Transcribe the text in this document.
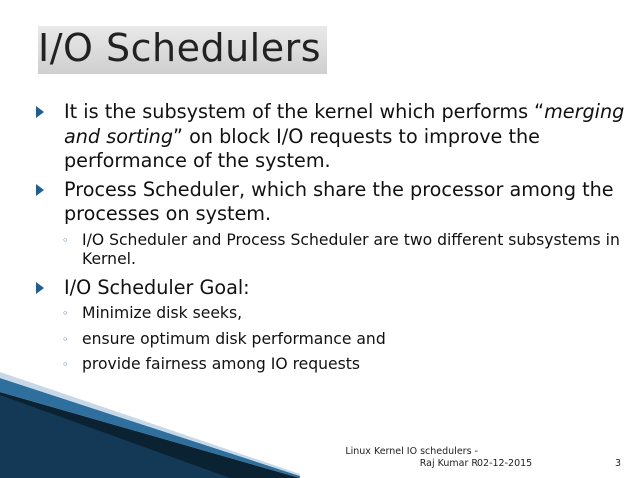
I/O Schedulers
It is the subsystem of the kernel which performs “merging and sorting” on block I/O requests to improve the performance of the system.
Process Scheduler, which share the processor among the processes on system.
◦ I/O Scheduler and Process Scheduler are two different subsystems in Kernel.
I/O Scheduler Goal:
◦ Minimize disk seeks,
◦ ensure optimum disk performance and
◦ provide fairness among IO requests
Linux Kernel IO schedulers - Raj Kumar R 02-12-2015	3
